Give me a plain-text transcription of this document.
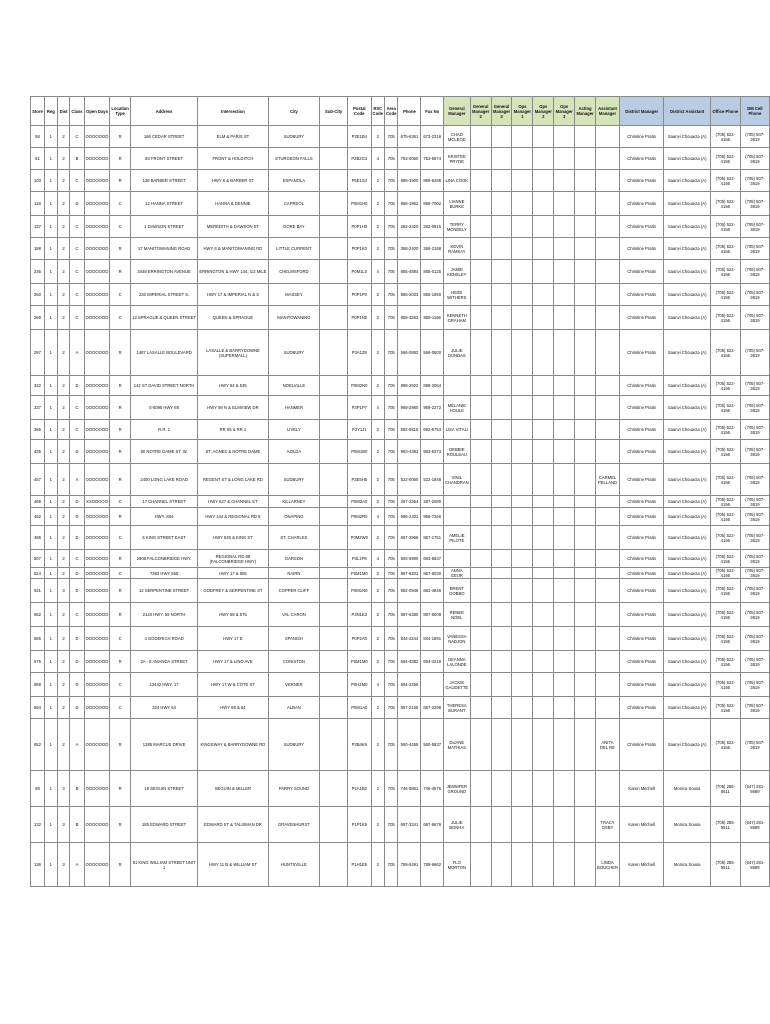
Store	Reg	Dist	Class	Open Days	Location Type	Address	Intersection	City	Sub-City	Postal Code	RSC Code	Area Code	Phone	Fax No	General Manager	General Manager 2	General Manager 3	Ops Manager 1	Ops Manager 2	Ops Manager 3	Acting Manager	Assistant Manager	District Manager	District Assistant	Office Phone	DM Cell Phone
58	1	2	C	OOOOOOO	R	166 CEDAR STREET	ELM & PARIS ST	SUDBURY		P3E1B4	2	705	675-6361	673-2316	CHAD MCLEOD								Christine Pratin	Saanvi Chouacta (A)	(705) 522-4156	(705) 507-3819
61	1	2	B	OOOOOOO	R	83 FRONT STREET	FRONT & HOLDITCH	STURGEON FALLS		P2B2G3	4	705	753-0060	753-5874	KRISTEE PRYDE								Christine Pratin	Saanvi Chouacta (A)	(705) 522-4156	(705) 507-3819
103	1	2	C	OOOOOOO	R	138 BARBER STREET	HWY 6 & BARBER ST	ESPANOLA		P5E1S4	2	705	869-1900	869-6286	LINA COOK								Christine Pratin	Saanvi Chouacta (A)	(705) 522-4156	(705) 507-3819
118	1	2	D	OOOOOOO	C	12 HANNA STREET	HANNA & DENNIE	CAPREOL		P0M1H0	2	705	858-1862	858-7002	LIANNE BURKE								Christine Pratin	Saanvi Chouacta (A)	(705) 522-4156	(705) 507-3819
137	1	2	C	OOOOOOO	C	1 DAWSON STREET	MEREDITH & DAWSON ST	GORE BAY		P0P1H0	2	705	282-2320	282-0915	TERRY MCNEELY								Christine Pratin	Saanvi Chouacta (A)	(705) 522-4156	(705) 507-3819
188	1	2	C	OOOOOOO	R	17 MANITOWANING ROAD	HWY 6 & MANITOWANING RD	LITTLE CURRENT		P0P1K0	2	705	368-2400	368-2168	KEVIN RAMSAY								Christine Pratin	Saanvi Chouacta (A)	(705) 522-4156	(705) 507-3819
236	1	2	C	OOOOOOO	R	3448 ERRINGTON AVENUE	ERRINGTON & HWY 144, 1/2 MILE	CHELMSFORD		P0M1L0	4	705	855-4884	855-0125	JAMIE KENSLEY								Christine Pratin	Saanvi Chouacta (A)	(705) 522-4156	(705) 507-3819
250	1	2	C	OOOOOOO	C	230 IMPERIAL STREET S.	HWY 17 & IMPERIAL N & S	MASSEY		P0P1P0	2	705	865-2033	865-1650	HEIDI WITHERS								Christine Pratin	Saanvi Chouacta (A)	(705) 522-4156	(705) 507-3819
269	1	2	C	OOOOOOO	C	13 SPRAGUE & QUEEN STREET	QUEEN & SPRAGUE	MANITOWANING		P0P1N0	2	705	859-3262	859-1166	KENNETH GRAHAM								Christine Pratin	Saanvi Chouacta (A)	(705) 522-4156	(705) 507-3819
297	1	2	A	OOOOOOO	R	1487 LASALLE BOULEVARD	LASALLE & BARRYDOWNE (SUPERMALL)	SUDBURY		P3A1Z8	2	705	566-0882	566-0600	JULIE DUNDAS								Christine Pratin	Saanvi Chouacta (A)	(705) 522-4156	(705) 507-3819
322	1	2	D	OOOOOOO	R	142 ST DAVID STREET NORTH	HWY 64 & 535	NOELVILLE		P0M2N0	2	705	898-2922	898-2064									Christine Pratin	Saanvi Chouacta (A)	(705) 522-4156	(705) 507-3819
337	1	2	C	OOOOOOO	R	5-5095 HWY 69	HWY 69 N & ELMVIEW DR	HANMER		P3P1P7	4	705	969-2980	969-2272	MÉLANIE HOULE								Christine Pratin	Saanvi Chouacta (A)	(705) 522-4156	(705) 507-3819
385	1	2	C	OOOOOOO	R	R.R. 1	RR 55 & RR 1	LIVELY		P3Y1J1	2	705	692-5815	692-5753	LISA VITALI								Christine Pratin	Saanvi Chouacta (A)	(705) 522-4156	(705) 507-3819
435	1	2	D	OOOOOOO	R	80 NOTRE DAME ST. W.	ST. AGNES & NOTRE DAME	AZILDA		P0M1B0	2	705	983-4383	983-5373	DEBBIE ROULEAU								Christine Pratin	Saanvi Chouacta (A)	(705) 522-4156	(705) 507-3819
457	1	2	A	OOOOOOO	R	2400 LONG LAKE ROAD	REGENT ST & LONG LAKE RD	SUDBURY		P3E5H5	2	705	522-0060	522-1848	VINIL CHANDRAN							CARMEL PELLAND	Christine Pratin	Saanvi Chouacta (A)	(705) 522-4156	(705) 507-3819
468	1	2	D	XXOOOOO	C	17 CHANNEL STREET	HWY 637 & CHANNEL ST	KILLARNEY		P0M2A0	2	705	287-2364	287-2080									Christine Pratin	Saanvi Chouacta (A)	(705) 522-4156	(705) 507-3819
482	1	2	D	OOOOOOO	R	HWY. S64	HWY 144 & REGIONAL RD 8	ONAPING		P0M2R0	4	705	966-2331	966-7266									Christine Pratin	Saanvi Chouacta (A)	(705) 522-4156	(705) 507-3819
486	1	2	D	OOOOOOO	C	6 KING STREET EAST	HWY 535 & KING ST	ST. CHARLES		P0M2W0	2	705	867-2966	867-1751	AMELIE PILOTE								Christine Pratin	Saanvi Chouacta (A)	(705) 522-4156	(705) 507-3819
507	1	2	C	OOOOOOO	R	2908 FALCONBRIDGE HWY.	REGIONAL RD 86 (FALCONBRIDGE HWY)	GARSON		P3L1P6	4	705	693-5990	693-5637									Christine Pratin	Saanvi Chouacta (A)	(705) 522-4156	(705) 507-3819
524	1	2	D	OOOOOOO	C	7383 HWY 555	HWY 17 & 555	NAIRN		P0M1M0	2	705	967-6201	967-6030	ANNA GEUR								Christine Pratin	Saanvi Chouacta (A)	(705) 522-4156	(705) 507-3819
531	1	3	D	OOOOOOO	R	12 SERPENTINE STREET	GODFREY & SERPENTINE ST	COPPER CLIFF		P0M1N0	2	705	682-0946	682-4846	BRENT GOBBO								Christine Pratin	Saanvi Chouacta (A)	(705) 522-4156	(705) 507-3819
552	1	2	C	OOOOOOO	R	2140 HWY. 69 NORTH	HWY 69 & 575	VAL CARON		P3N1E3	2	705	897-6380	897-6009	RENEE NOEL								Christine Pratin	Saanvi Chouacta (A)	(705) 522-4156	(705) 507-3819
565	1	2	D	OOOOOOO	C	4 GODERICH ROAD	HWY 17 E	SPANISH		P0P2A0	2	705	844-2244	844-1891	VANESSA NADJON								Christine Pratin	Saanvi Chouacta (A)	(705) 522-4156	(705) 507-3819
575	1	2	D	OOOOOOO	R	2A - 8 AMANDA STREET	HWY 17 & LINO AVE	CONISTON		P0M1M0	2	705	694-4382	694-4218	DEANNA LALONDE								Christine Pratin	Saanvi Chouacta (A)	(705) 522-4156	(705) 507-3819
589	1	2	D	OOOOOOO	C	13442 HWY. 17	HWY 17 W & COTE ST	VERNER		P0H2M0	4	705	594-2256		JACKIE GAUDETTE								Christine Pratin	Saanvi Chouacta (A)	(705) 522-4156	(705) 507-3819
594	1	2	D	OOOOOOO	C	324 HWY 64	HWY 69 & 64	ALBAN		P0M1A0	2	705	857-2155	857-2298	THERESA BURANT								Christine Pratin	Saanvi Chouacta (A)	(705) 522-4156	(705) 507-3819
652	1	2	A	OOOOOOO	R	1385 MARCUS DRIVE	KINGSWAY & BARRYDOWNE RD	SUDBURY		P3B4K6	2	705	560-4455	560-5837	DUANE MATHIAS							ANITA DEL RE	Christine Pratin	Saanvi Chouacta (A)	(705) 522-4156	(705) 507-3819
88	1	3	B	OOOOOOO	R	19 SEGUIN STREET	SEGUIN & MILLER	PARRY SOUND		P2A1B2	2	705	746-5861	746-4576	JENNIFER GROUND								Karen Mitchell	Monica Sousa	(705) 286-8511	(647) 281-8689
132	1	3	B	OOOOOOO	R	185 EDWARD STREET	EDWARD ST & TALISMAN DR	GRAVENHURST		P1P1K9	2	705	687-3341	687-6676	JULIE BONHA							TRACY OSBY	Karen Mitchell	Monica Sousa	(705) 286-8511	(647) 281-8689
136	1	3	A	OOOOOOO	R	91 KING WILLIAM STREET UNIT 1	HWY 11 B & WILLIAM ST	HUNTSVILLE		P1H1E5	2	705	789-5491	789-6662	FLO MORTON							LINDA BOUCHER	Karen Mitchell	Monica Sousa	(705) 286-8511	(647) 281-8689
